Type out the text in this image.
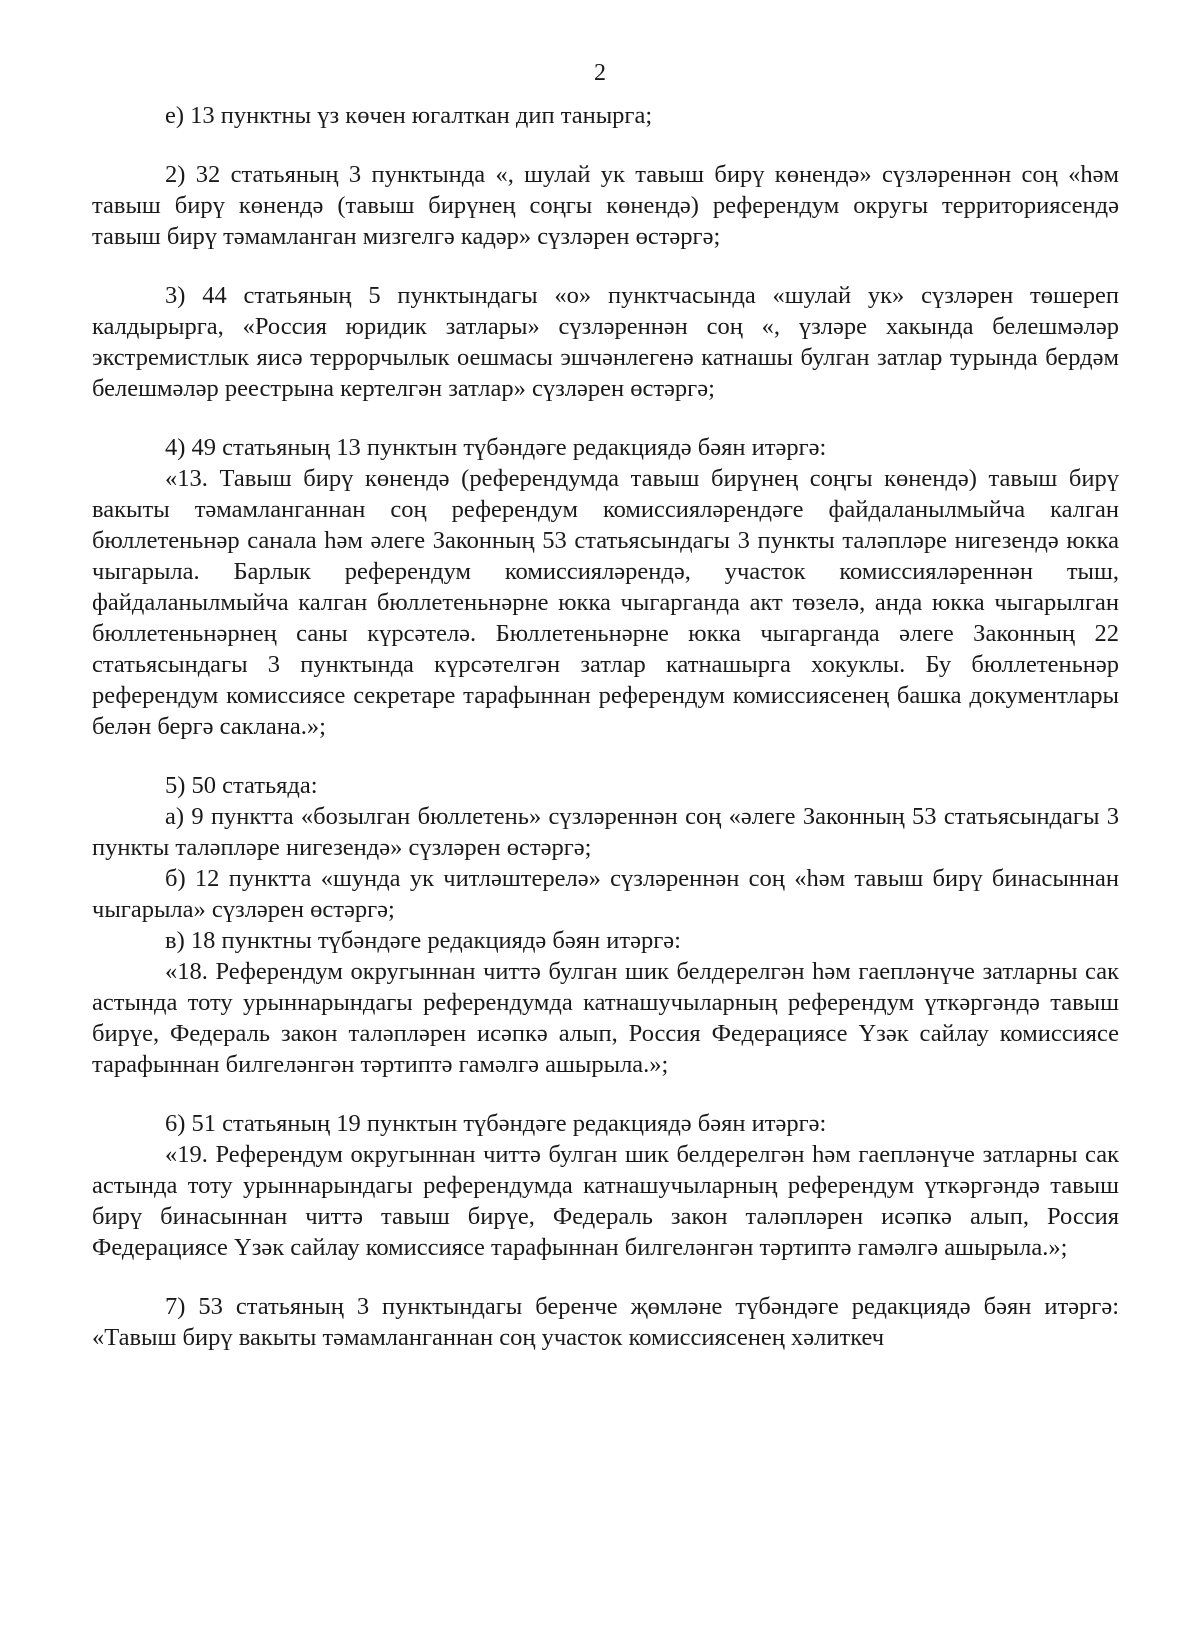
2

е) 13 пунктны үз көчен югалткан дип таныргa;

2) 32 статьяның 3 пунктында «, шулай ук тавыш бирү көнендә» сүзләреннән соң «һәм тавыш бирү көнендә (тавыш бирүнең соңгы көнендә) референдум округы территориясендә тавыш бирү тәмамланган мизгелгә кадәр» сүзләрен өстәргә;

3) 44 статьяның 5 пунктындагы «о» пунктчасында «шулай ук» сүзләрен төшереп калдырырга, «Россия юридик затлары» сүзләреннән соң «, үзләре хакында белешмәләр экстремистлык яисә террорчылык оешмасы эшчәнлегенә катнашы булган затлар турында бердәм белешмәләр реестрына кертелгән затлар» сүзләрен өстәргә;

4) 49 статьяның 13 пунктын түбәндәге редакциядә бәян итәргә:

«13. Тавыш бирү көнендә (референдумда тавыш бирүнең соңгы көнендә) тавыш бирү вакыты тәмамланганнан соң референдум комиссияләрендәге файдаланылмыйча калган бюллетеньнәр санала һәм әлеге Законның 53 статьясындагы 3 пункты таләпләре нигезендә юкка чыгарыла. Барлык референдум комиссияләрендә, участок комиссияләреннән тыш, файдаланылмыйча калган бюллетеньнәрне юкка чыгарганда акт төзелә, анда юкка чыгарылган бюллетеньнәрнең саны күрсәтелә. Бюллетеньнәрне юкка чыгарганда әлеге Законның 22 статьясындагы 3 пунктында күрсәтелгән затлар катнашырга хокуклы. Бу бюллетеньнәр референдум комиссиясе секретаре тарафыннан референдум комиссиясенең башка документлары белән бергә саклана.»;

5) 50 статьяда:

а) 9 пунктта «бозылган бюллетень» сүзләреннән соң «әлеге Законның 53 статьясындагы 3 пункты таләпләре нигезендә» сүзләрен өстәргә;

б) 12 пунктта «шунда ук читләштерелә» сүзләреннән соң «һәм тавыш бирү бинасыннан чыгарыла» сүзләрен өстәргә;

в) 18 пунктны түбәндәге редакциядә бәян итәргә:

«18. Референдум округыннан читтә булган шик белдерелгән һәм гаепләнүче затларны сак астында тоту урыннарындагы референдумда катнашучыларның референдум үткәргәндә тавыш бирүе, Федераль закон таләпләрен исәпкә алып, Россия Федерациясе Үзәк сайлау комиссиясе тарафыннан билгеләнгән тәртиптә гамәлгә ашырыла.»;

6) 51 статьяның 19 пунктын түбәндәге редакциядә бәян итәргә:

«19. Референдум округыннан читтә булган шик белдерелгән һәм гаепләнүче затларны сак астында тоту урыннарындагы референдумда катнашучыларның референдум үткәргәндә тавыш бирү бинасыннан читтә тавыш бирүе, Федераль закон таләпләрен исәпкә алып, Россия Федерациясе Үзәк сайлау комиссиясе тарафыннан билгеләнгән тәртиптә гамәлгә ашырыла.»;

7) 53 статьяның 3 пунктындагы беренче җөмләне түбәндәге редакциядә бәян итәргә: «Тавыш бирү вакыты тәмамланганнан соң участок комиссиясенең хәлиткеч
